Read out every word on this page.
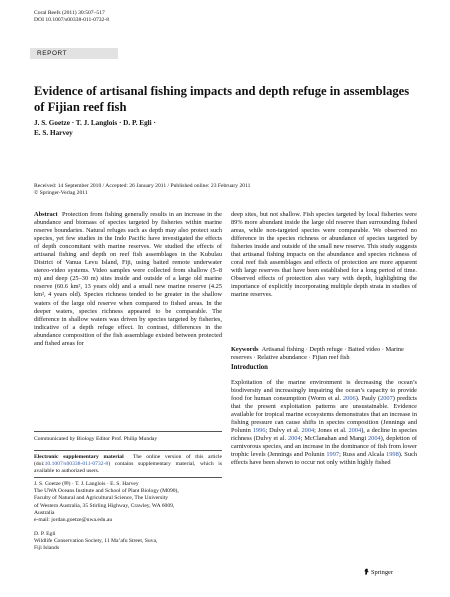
Coral Reefs (2011) 30:507–517
DOI 10.1007/s00338-011-0732-8
REPORT
Evidence of artisanal fishing impacts and depth refuge in assemblages of Fijian reef fish
J. S. Goetze · T. J. Langlois · D. P. Egli ·
E. S. Harvey
Received: 14 September 2010 / Accepted: 26 January 2011 / Published online: 23 February 2011
© Springer-Verlag 2011

Abstract Protection from fishing generally results in an increase in the abundance and biomass of species targeted by fisheries within marine reserve boundaries. Natural refuges such as depth may also protect such species, yet few studies in the Indo Pacific have investigated the effects of depth concomitant with marine reserves. We studied the effects of artisanal fishing and depth on reef fish assemblages in the Kubulau District of Vanua Levu Island, Fiji, using baited remote underwater stereo-video systems. Video samples were collected from shallow (5–8 m) and deep (25–30 m) sites inside and outside of a large old marine reserve (60.6 km², 13 years old) and a small new marine reserve (4.25 km², 4 years old). Species richness tended to be greater in the shallow waters of the large old reserve when compared to fished areas. In the deeper waters, species richness appeared to be comparable. The difference in shallow waters was driven by species targeted by fisheries, indicative of a depth refuge effect. In contrast, differences in the abundance composition of the fish assemblage existed between protected and fished areas for

deep sites, but not shallow. Fish species targeted by local fisheries were 89% more abundant inside the large old reserve than surrounding fished areas, while non-targeted species were comparable. We observed no difference in the species richness or abundance of species targeted by fisheries inside and outside of the small new reserve. This study suggests that artisanal fishing impacts on the abundance and species richness of coral reef fish assemblages and effects of protection are more apparent with large reserves that have been established for a long period of time. Observed effects of protection also vary with depth, highlighting the importance of explicitly incorporating multiple depth strata in studies of marine reserves.

Keywords Artisanal fishing · Depth refuge · Baited video · Marine reserves · Relative abundance · Fijian reef fish
Introduction

Exploitation of the marine environment is decreasing the ocean’s biodiversity and increasingly impairing the ocean’s capacity to provide food for human consumption (Worm et al. 2006). Pauly (2007) predicts that the present exploitation patterns are unsustainable. Evidence available for tropical marine ecosystems demonstrates that an increase in fishing pressure can cause shifts in species composition (Jennings and Polunin 1996; Dulvy et al. 2004; Jones et al. 2004), a decline in species richness (Dulvy et al. 2004; McClanahan and Mangi 2004), depletion of carnivorous species, and an increase in the dominance of fish from lower trophic levels (Jennings and Polunin 1997; Russ and Alcala 1998). Such effects have been shown to occur not only within highly fished

Communicated by Biology Editor Prof. Philip Munday
Electronic supplementary material The online version of this article (doi:10.1007/s00338-011-0732-8) contains supplementary material, which is available to authorized users.
J. S. Goetze (✉) · T. J. Langlois · E. S. Harvey
The UWA Oceans Institute and School of Plant Biology (M090),
Faculty of Natural and Agricultural Science, The University
of Western Australia, 35 Stirling Highway, Crawley, WA 6009,
Australia
e-mail: jordan.goetze@uwa.edu.au
D. P. Egli
Wildlife Conservation Society, 11 Ma’afu Street, Suva,
Fiji Islands
Springer
